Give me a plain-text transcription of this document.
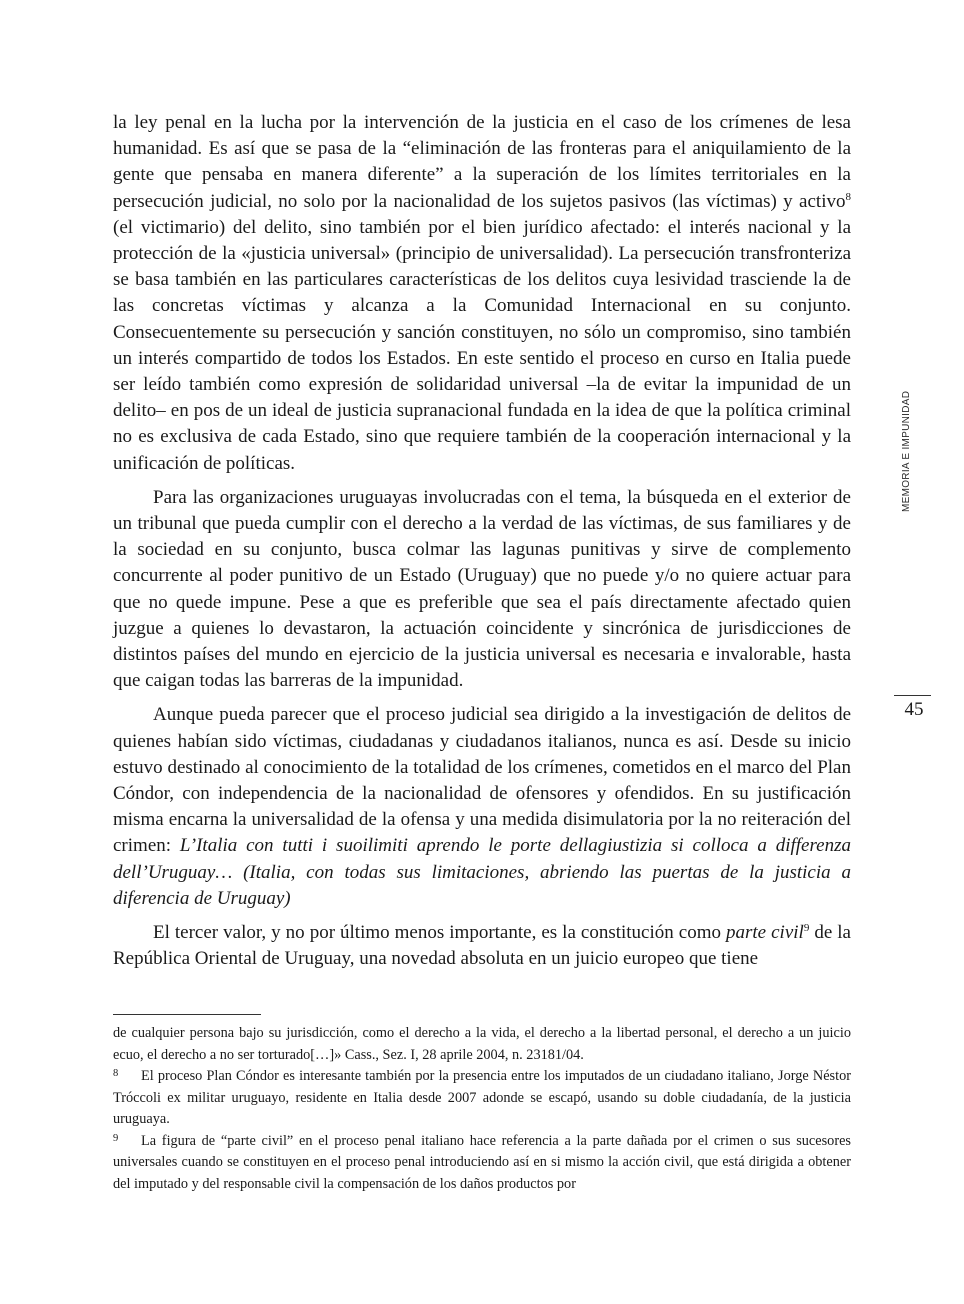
la ley penal en la lucha por la intervención de la justicia en el caso de los crímenes de lesa humanidad. Es así que se pasa de la “eliminación de las fronteras para el aniquilamiento de la gente que pensaba en manera diferente” a la superación de los límites territoriales en la persecución judicial, no solo por la nacionalidad de los sujetos pasivos (las víctimas) y activo$^8$ (el victimario) del delito, sino también por el bien jurídico afectado: el interés nacional y la protección de la «justicia universal» (principio de universalidad). La persecución transfronteriza se basa también en las particulares características de los delitos cuya lesividad trasciende la de las concretas víctimas y alcanza a la Comunidad Internacional en su conjunto. Consecuentemente su persecución y sanción constituyen, no sólo un compromiso, sino también un interés compartido de todos los Estados. En este sentido el proceso en curso en Italia puede ser leído también como expresión de solidaridad universal –la de evitar la impunidad de un delito– en pos de un ideal de justicia supranacional fundada en la idea de que la política criminal no es exclusiva de cada Estado, sino que requiere también de la cooperación internacional y la unificación de políticas.

Para las organizaciones uruguayas involucradas con el tema, la búsqueda en el exterior de un tribunal que pueda cumplir con el derecho a la verdad de las víctimas, de sus familiares y de la sociedad en su conjunto, busca colmar las lagunas punitivas y sirve de complemento concurrente al poder punitivo de un Estado (Uruguay) que no puede y/o no quiere actuar para que no quede impune. Pese a que es preferible que sea el país directamente afectado quien juzgue a quienes lo devastaron, la actuación coincidente y sincrónica de jurisdicciones de distintos países del mundo en ejercicio de la justicia universal es necesaria e invalorable, hasta que caigan todas las barreras de la impunidad.

Aunque pueda parecer que el proceso judicial sea dirigido a la investigación de delitos de quienes habían sido víctimas, ciudadanas y ciudadanos italianos, nunca es así. Desde su inicio estuvo destinado al conocimiento de la totalidad de los crímenes, cometidos en el marco del Plan Cóndor, con independencia de la nacionalidad de ofensores y ofendidos. En su justificación misma encarna la universalidad de la ofensa y una medida disimulatoria por la no reiteración del crimen: L’Italia con tutti i suoilimiti aprendo le porte dellagiustizia si colloca a differenza dell’Uruguay… (Italia, con todas sus limitaciones, abriendo las puertas de la justicia a diferencia de Uruguay)

El tercer valor, y no por último menos importante, es la constitución como parte civil$^9$ de la República Oriental de Uruguay, una novedad absoluta en un juicio europeo que tiene

MEMORIA E IMPUNIDAD
45

de cualquier persona bajo su jurisdicción, como el derecho a la vida, el derecho a la libertad personal, el derecho a un juicio ecuo, el derecho a no ser torturado[…]» Cass., Sez. I, 28 aprile 2004, n. 23181/04.

8 El proceso Plan Cóndor es interesante también por la presencia entre los imputados de un ciudadano italiano, Jorge Néstor Tróccoli ex militar uruguayo, residente en Italia desde 2007 adonde se escapó, usando su doble ciudadanía, de la justicia uruguaya.

9 La figura de “parte civil” en el proceso penal italiano hace referencia a la parte dañada por el crimen o sus sucesores universales cuando se constituyen en el proceso penal introduciendo así en si mismo la acción civil, que está dirigida a obtener del imputado y del responsable civil la compensación de los daños productos por
